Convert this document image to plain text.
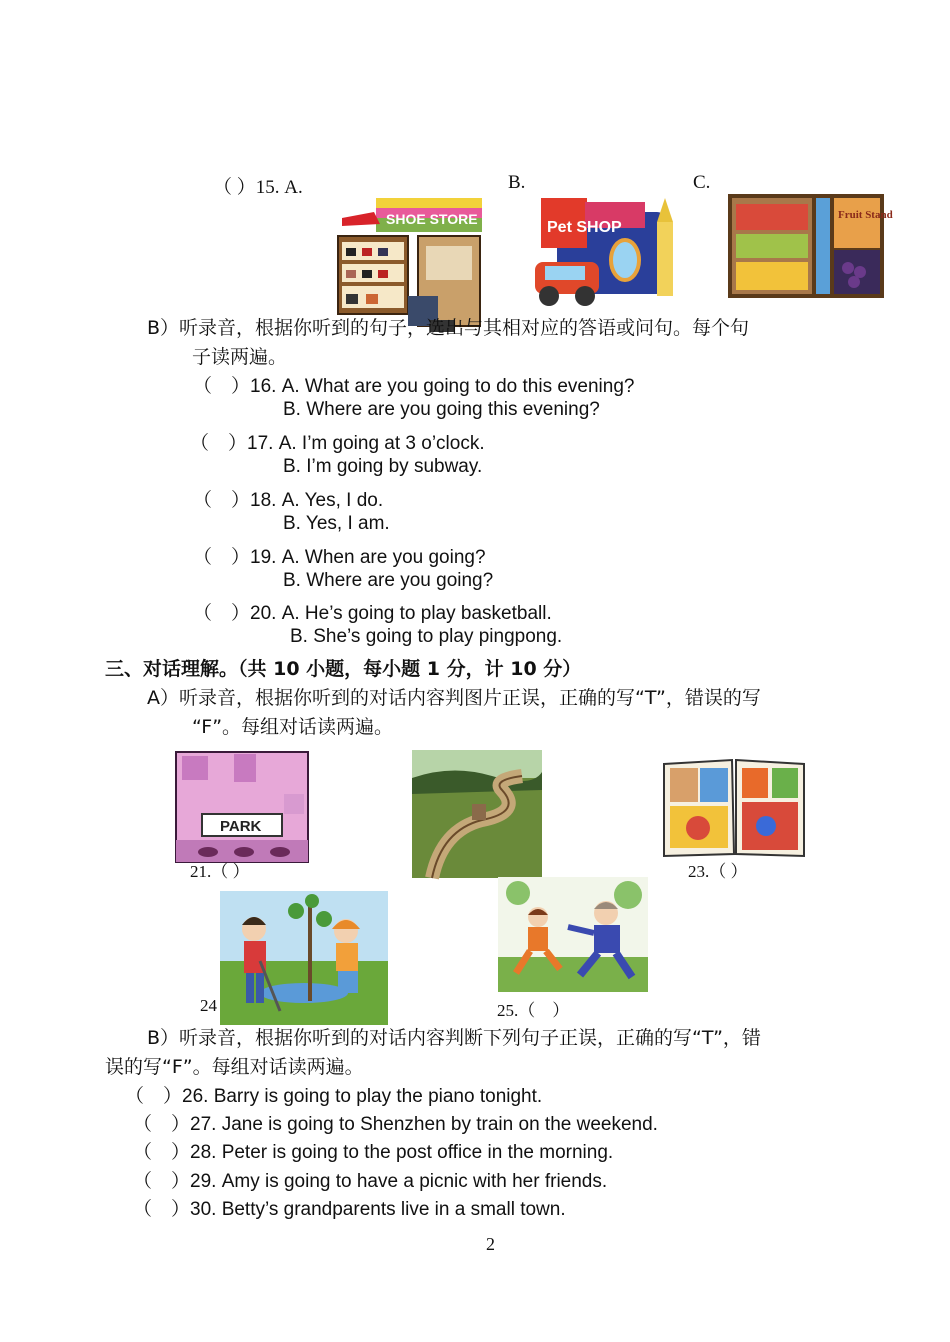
（ ）15. A.	B.	C.
SHOE STORE	Pet SHOP
Fruit Stand
B）听录音，根据你听到的句子，选出与其相对应的答语或问句。每个句
子读两遍。
（　）16. A. What are you going to do this evening?
B. Where are you going this evening?
（　）17. A. I’m going at 3 o’clock.
B. I’m going by subway.
（　）18. A. Yes, I do.
B. Yes, I am.
（　）19. A. When are you going?
B. Where are you going?
（　）20. A. He’s going to play basketball.
B. She’s going to play pingpong.
三、对话理解。（共 10 小题，每小题 1 分，计 10 分）
A）听录音，根据你听到的对话内容判图片正误，正确的写“T”，错误的写
“F”。每组对话读两遍。
PARK
21.（ ）	23.（ ）
24	25.（　）
B）听录音，根据你听到的对话内容判断下列句子正误，正确的写“T”，错
误的写“F”。每组对话读两遍。
（　）26. Barry is going to play the piano tonight.
（　）27. Jane is going to Shenzhen by train on the weekend.
（　）28. Peter is going to the post office in the morning.
（　）29. Amy is going to have a picnic with her friends.
（　）30. Betty’s grandparents live in a small town.
2
